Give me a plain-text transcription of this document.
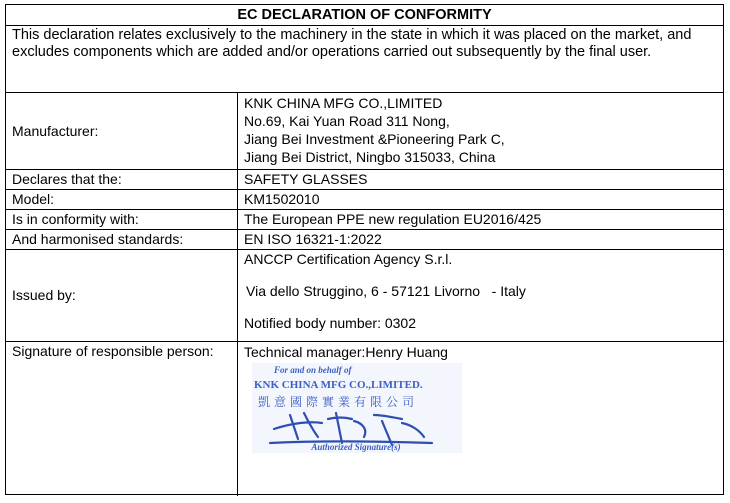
EC DECLARATION OF CONFORMITY
This declaration relates exclusively to the machinery in the state in which it was placed on the market, and excludes components which are added and/or operations carried out subsequently by the final user.
Manufacturer:
KNK CHINA MFG CO.,LIMITED
No.69, Kai Yuan Road 311 Nong,
Jiang Bei Investment &Pioneering Park C,
Jiang Bei District, Ningbo 315033, China
Declares that the:	SAFETY GLASSES
Model:	KM1502010
Is in conformity with:	The European PPE new regulation EU2016/425
And harmonised standards:	EN ISO 16321-1:2022
Issued by:
ANCCP Certification Agency S.r.l.
Via dello Struggino, 6 - 57121 Livorno   - Italy
Notified body number: 0302
Signature of responsible person:	Technical manager:Henry Huang
For and on behalf of
KNK CHINA MFG CO.,LIMITED.
凱意國際實業有限公司
Authorized Signature(s)
